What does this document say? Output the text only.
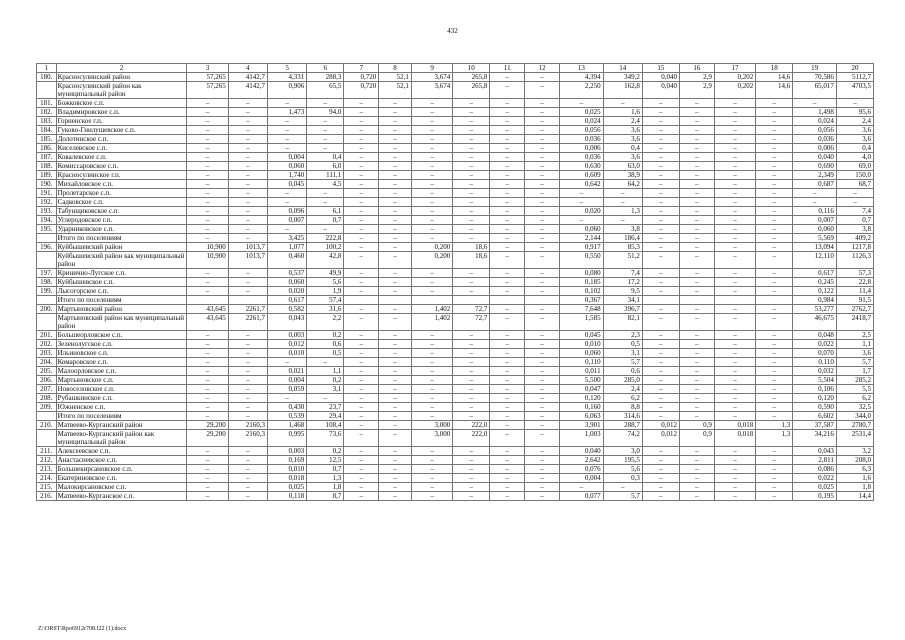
432
1	2	3	4	5	6	7	8	9	10	11	12	13	14	15	16	17	18	19	20
180.	Красносулинский район	57,265	4142,7	4,331	288,3	0,720	52,1	3,674	265,8	–	–	4,394	349,2	0,040	2,9	0,202	14,6	70,586	5112,7
	Красносулинский район как муниципальный район	57,265	4142,7	0,906	65,5	0,720	52,1	3,674	265,8	–	–	2,250	162,8	0,040	2,9	0,202	14,6	65,017	4703,5
181.	Божковское с.п.	–	–	–	–	–	–	–	–	–	–	–	–	–	–	–	–	–	–
182.	Владимировское с.п.	–	–	1,473	94,0	–	–	–	–	–	–	0,025	1,6	–	–	–	–	1,498	95,6
183.	Горненское г.п.	–	–	–	–	–	–	–	–	–	–	0,024	2,4	–	–	–	–	0,024	2,4
184.	Гуково-Гнилушевское с.п.	–	–	–	–	–	–	–	–	–	–	0,056	3,6	–	–	–	–	0,056	3,6
185.	Долотинское с.п.	–	–	–	–	–	–	–	–	–	–	0,036	3,6	–	–	–	–	0,036	3,6
186.	Киселевское с.п.	–	–	–	–	–	–	–	–	–	–	0,006	0,4	–	–	–	–	0,006	0,4
187.	Ковалевское с.п.	–	–	0,004	0,4	–	–	–	–	–	–	0,036	3,6	–	–	–	–	0,040	4,0
188.	Комиссаровское с.п.	–	–	0,060	6,0	–	–	–	–	–	–	0,630	63,0	–	–	–	–	0,690	69,0
189.	Красносулинское г.п.	–	–	1,740	111,1	–	–	–	–	–	–	0,609	38,9	–	–	–	–	2,349	150,0
190.	Михайловское с.п.	–	–	0,045	4,5	–	–	–	–	–	–	0,642	64,2	–	–	–	–	0,687	68,7
191.	Пролетарское с.п.	–	–	–	–	–	–	–	–	–	–	–	–	–	–	–	–	–	–
192.	Садковское с.п.	–	–	–	–	–	–	–	–	–	–	–	–	–	–	–	–	–	–
193.	Табунщиковское с.п.	–	–	0,096	6,1	–	–	–	–	–	–	0,020	1,3	–	–	–	–	0,116	7,4
194.	Углеродовское г.п.	–	–	0,007	0,7	–	–	–	–	–	–	–	–	–	–	–	–	0,007	0,7
195.	Ударниковское с.п.	–	–	–	–	–	–	–	–	–	–	0,060	3,8	–	–	–	–	0,060	3,8
	Итого по поселениям	–	–	3,425	222,8	–	–	–	–	–	–	2,144	186,4	–	–	–	–	5,569	409,2
196.	Куйбышевский район	10,900	1013,7	1,077	100,2	–	–	0,200	18,6	–	–	0,917	85,3	–	–	–	–	13,094	1217,8
	Куйбышевский район как муниципальный район	10,900	1013,7	0,460	42,8	–	–	0,200	18,6	–	–	0,550	51,2	–	–	–	–	12,110	1126,3
197.	Кринично-Лугское с.п.	–	–	0,537	49,9	–	–	–	–	–	–	0,080	7,4	–	–	–	–	0,617	57,3
198.	Куйбышевское с.п.	–	–	0,060	5,6	–	–	–	–	–	–	0,185	17,2	–	–	–	–	0,245	22,8
199.	Лысогорское с.п.	–	–	0,020	1,9	–	–	–	–	–	–	0,102	9,5	–	–	–	–	0,122	11,4
	Итого по поселениям			0,617	57,4							0,367	34,1					0,984	91,5
200.	Мартыновский район	43,645	2261,7	0,582	31,6	–	–	1,402	72,7	–	–	7,648	396,7	–	–	–	–	53,277	2762,7
	Мартыновский район как муниципальный район	43,645	2261,7	0,043	2,2	–	–	1,402	72,7	–	–	1,585	82,1	–	–	–	–	46,675	2418,7
201.	Большеорловское с.п.	–	–	0,003	0,2	–	–	–	–	–	–	0,045	2,3	–	–	–	–	0,048	2,5
202.	Зеленолугское с.п.	–	–	0,012	0,6	–	–	–	–	–	–	0,010	0,5	–	–	–	–	0,022	1,1
203.	Ильиновское с.п.	–	–	0,010	0,5	–	–	–	–	–	–	0,060	3,1	–	–	–	–	0,070	3,6
204.	Комаровское с.п.	–	–	–	–	–	–	–	–	–	–	0,110	5,7	–	–	–	–	0,110	5,7
205.	Малоорловское с.п.	–	–	0,021	1,1	–	–	–	–	–	–	0,011	0,6	–	–	–	–	0,032	1,7
206.	Мартыновское с.п.	–	–	0,004	0,2	–	–	–	–	–	–	5,500	285,0	–	–	–	–	5,504	285,2
207.	Новоселовское с.п.	–	–	0,059	3,1	–	–	–	–	–	–	0,047	2,4	–	–	–	–	0,106	5,5
208.	Рубашкинское с.п.	–	–	–	–	–	–	–	–	–	–	0,120	6,2	–	–	–	–	0,120	6,2
209.	Южненское с.п.	–	–	0,430	23,7	–	–	–	–	–	–	0,160	8,8	–	–	–	–	0,590	32,5
	Итого по поселениям	–	–	0,539	29,4	–	–	–	–	–	–	6,063	314,6	–	–	–	–	6,602	344,0
210.	Матвеево-Курганский район	29,200	2160,3	1,468	108,4	–	–	3,000	222,0	–	–	3,901	288,7	0,012	0,9	0,018	1,3	37,587	2780,7
	Матвеево-Курганский район как муниципальный район	29,200	2160,3	0,995	73,6	–	–	3,000	222,0	–	–	1,003	74,2	0,012	0,9	0,018	1,3	34,216	2531,4
211.	Алексеевское с.п.	–	–	0,003	0,2	–	–	–	–	–	–	0,040	3,0	–	–	–	–	0,043	3,2
212.	Анастасиевское с.п.	–	–	0,169	12,5	–	–	–	–	–	–	2,642	195,5	–	–	–	–	2,811	208,0
213.	Большекирсановское с.п.	–	–	0,010	0,7	–	–	–	–	–	–	0,076	5,6	–	–	–	–	0,086	6,3
214.	Екатериновское с.п.	–	–	0,018	1,3	–	–	–	–	–	–	0,004	0,3	–	–	–	–	0,022	1,6
215.	Малокирсановское с.п.	–	–	0,025	1,8	–	–	–	–	–	–	–	–	–	–	–	–	0,025	1,8
216.	Матвеево-Курганское с.п.	–	–	0,118	8,7	–	–	–	–	–	–	0,077	5,7	–	–	–	–	0,195	14,4
Z:\ORST\Rpo6912r708.f22 (1).docx
